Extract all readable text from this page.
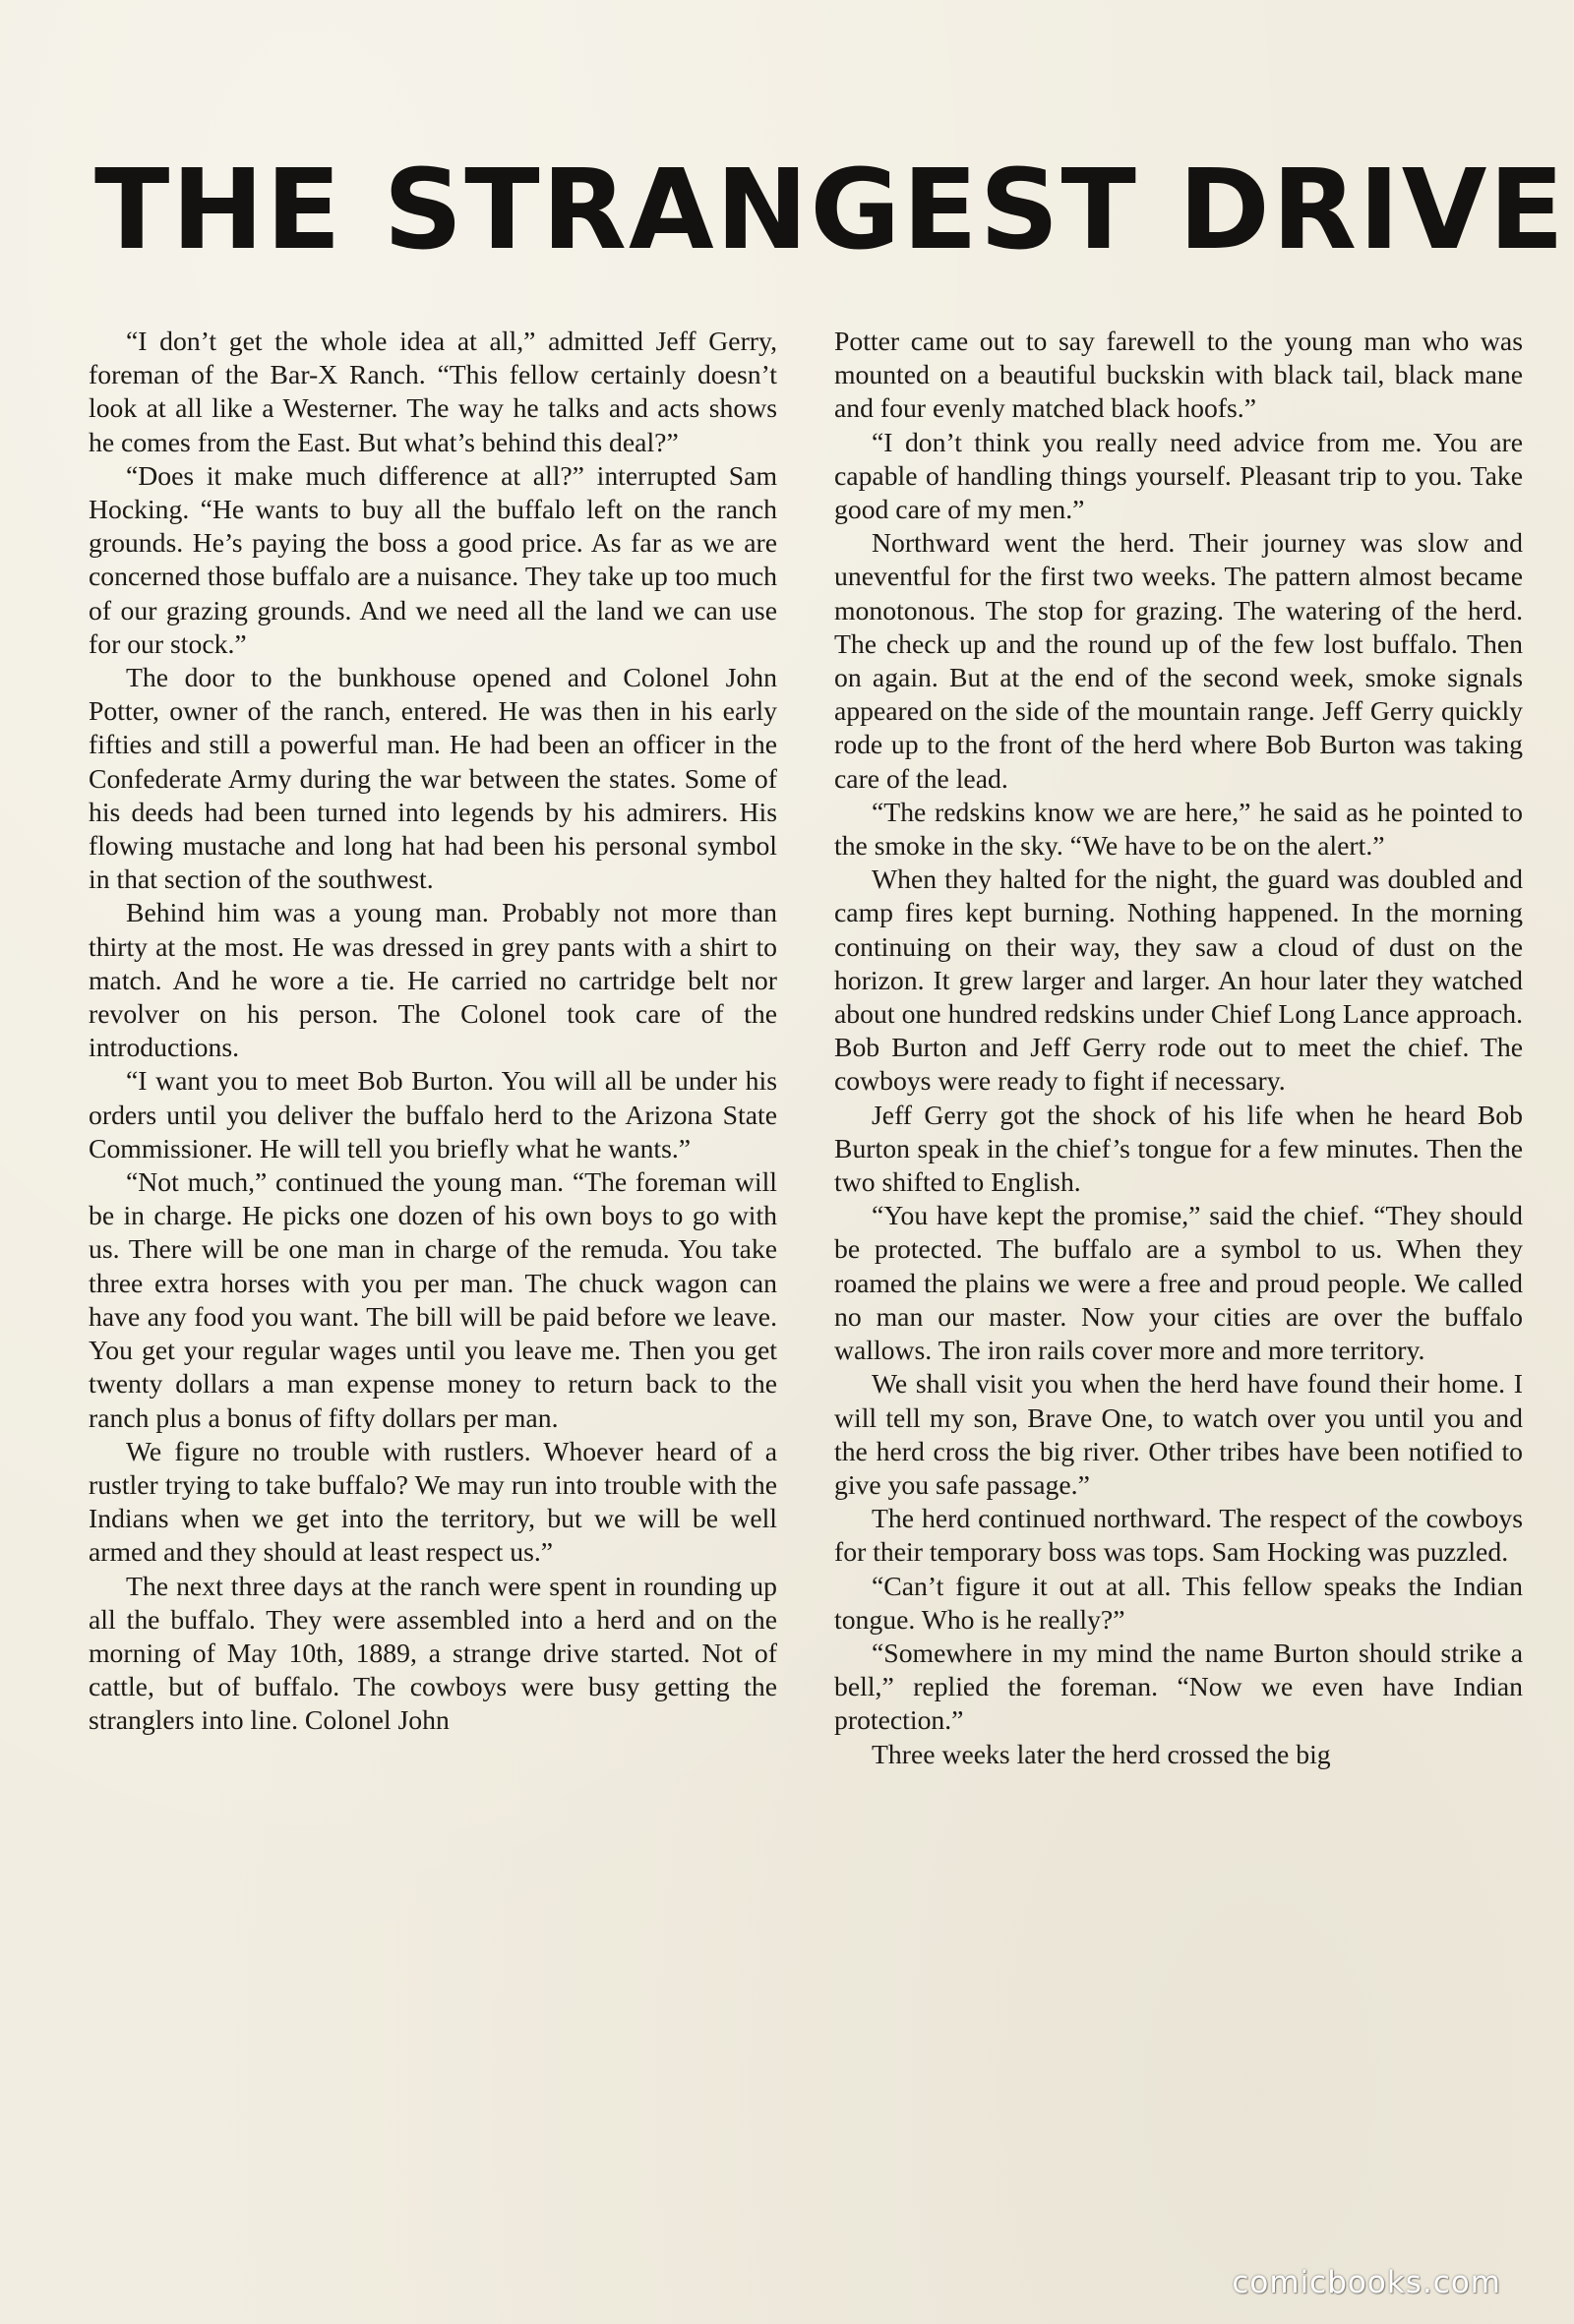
THE STRANGEST DRIVE

“I don’t get the whole idea at all,” admitted Jeff Gerry, foreman of the Bar-X Ranch. “This fellow certainly doesn’t look at all like a Westerner. The way he talks and acts shows he comes from the East. But what’s behind this deal?”

“Does it make much difference at all?” interrupted Sam Hocking. “He wants to buy all the buffalo left on the ranch grounds. He’s paying the boss a good price. As far as we are concerned those buffalo are a nuisance. They take up too much of our grazing grounds. And we need all the land we can use for our stock.”

The door to the bunkhouse opened and Colonel John Potter, owner of the ranch, entered. He was then in his early fifties and still a powerful man. He had been an officer in the Confederate Army during the war between the states. Some of his deeds had been turned into legends by his admirers. His flowing mustache and long hat had been his personal symbol in that section of the southwest.

Behind him was a young man. Probably not more than thirty at the most. He was dressed in grey pants with a shirt to match. And he wore a tie. He carried no cartridge belt nor revolver on his person. The Colonel took care of the introductions.

“I want you to meet Bob Burton. You will all be under his orders until you deliver the buffalo herd to the Arizona State Commissioner. He will tell you briefly what he wants.”

“Not much,” continued the young man. “The foreman will be in charge. He picks one dozen of his own boys to go with us. There will be one man in charge of the remuda. You take three extra horses with you per man. The chuck wagon can have any food you want. The bill will be paid before we leave. You get your regular wages until you leave me. Then you get twenty dollars a man expense money to return back to the ranch plus a bonus of fifty dollars per man.

We figure no trouble with rustlers. Whoever heard of a rustler trying to take buffalo? We may run into trouble with the Indians when we get into the territory, but we will be well armed and they should at least respect us.”

The next three days at the ranch were spent in rounding up all the buffalo. They were assembled into a herd and on the morning of May 10th, 1889, a strange drive started. Not of cattle, but of buffalo. The cowboys were busy getting the stranglers into line. Colonel John

Potter came out to say farewell to the young man who was mounted on a beautiful buckskin with black tail, black mane and four evenly matched black hoofs.”

“I don’t think you really need advice from me. You are capable of handling things yourself. Pleasant trip to you. Take good care of my men.”

Northward went the herd. Their journey was slow and uneventful for the first two weeks. The pattern almost became monotonous. The stop for grazing. The watering of the herd. The check up and the round up of the few lost buffalo. Then on again. But at the end of the second week, smoke signals appeared on the side of the mountain range. Jeff Gerry quickly rode up to the front of the herd where Bob Burton was taking care of the lead.

“The redskins know we are here,” he said as he pointed to the smoke in the sky. “We have to be on the alert.”

When they halted for the night, the guard was doubled and camp fires kept burning. Nothing happened. In the morning continuing on their way, they saw a cloud of dust on the horizon. It grew larger and larger. An hour later they watched about one hundred redskins under Chief Long Lance approach. Bob Burton and Jeff Gerry rode out to meet the chief. The cowboys were ready to fight if necessary.

Jeff Gerry got the shock of his life when he heard Bob Burton speak in the chief’s tongue for a few minutes. Then the two shifted to English.

“You have kept the promise,” said the chief. “They should be protected. The buffalo are a symbol to us. When they roamed the plains we were a free and proud people. We called no man our master. Now your cities are over the buffalo wallows. The iron rails cover more and more territory.

We shall visit you when the herd have found their home. I will tell my son, Brave One, to watch over you until you and the herd cross the big river. Other tribes have been notified to give you safe passage.”

The herd continued northward. The respect of the cowboys for their temporary boss was tops. Sam Hocking was puzzled.

“Can’t figure it out at all. This fellow speaks the Indian tongue. Who is he really?”

“Somewhere in my mind the name Burton should strike a bell,” replied the foreman. “Now we even have Indian protection.”

Three weeks later the herd crossed the big

comicbooks.com
